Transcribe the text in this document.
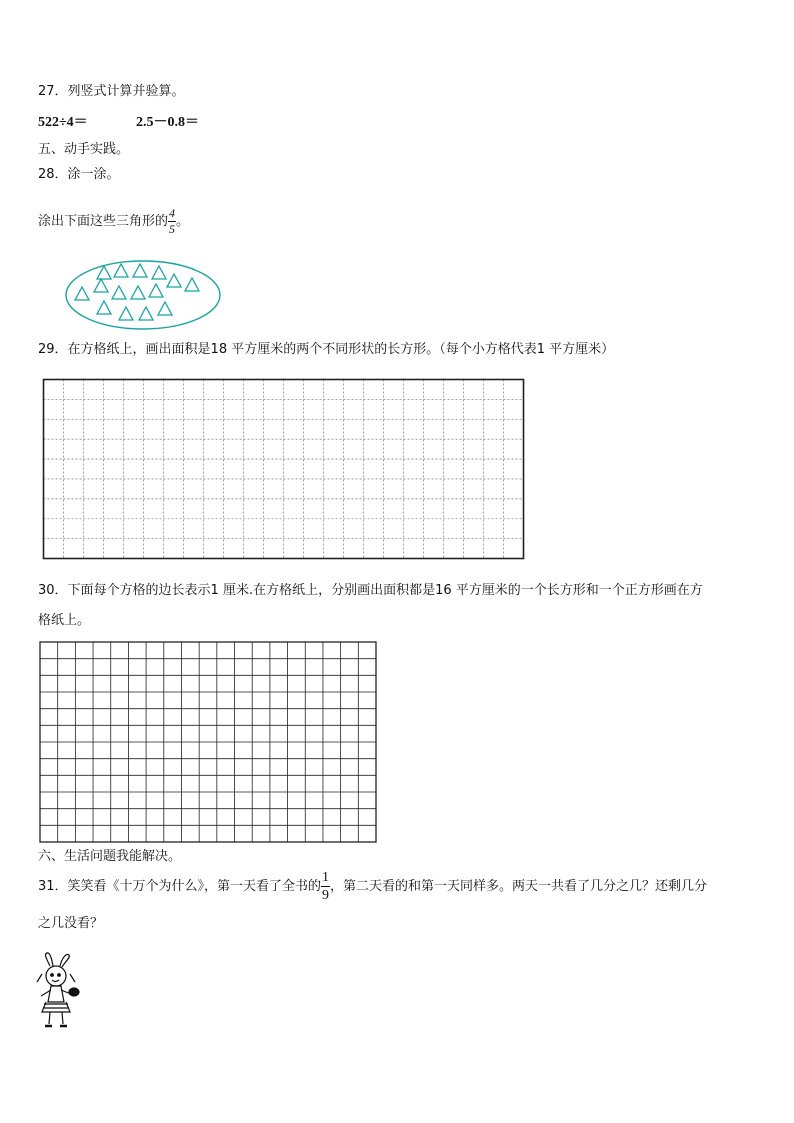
27．列竖式计算并验算。
522÷4＝	2.5－0.8＝
五、动手实践。
28．涂一涂。
涂出下面这些三角形的 $\frac{4}{5}$ 。
29．在方格纸上，画出面积是18 平方厘米的两个不同形状的长方形。（每个小方格代表1 平方厘米）
30．下面每个方格的边长表示1 厘米.在方格纸上，分别画出面积都是16 平方厘米的一个长方形和一个正方形画在方
格纸上。
六、生活问题我能解决。
31．笑笑看《十万个为什么》，第一天看了全书的 $\frac{1}{9}$ ，第二天看的和第一天同样多。两天一共看了几分之几？还剩几分
之几没看？
